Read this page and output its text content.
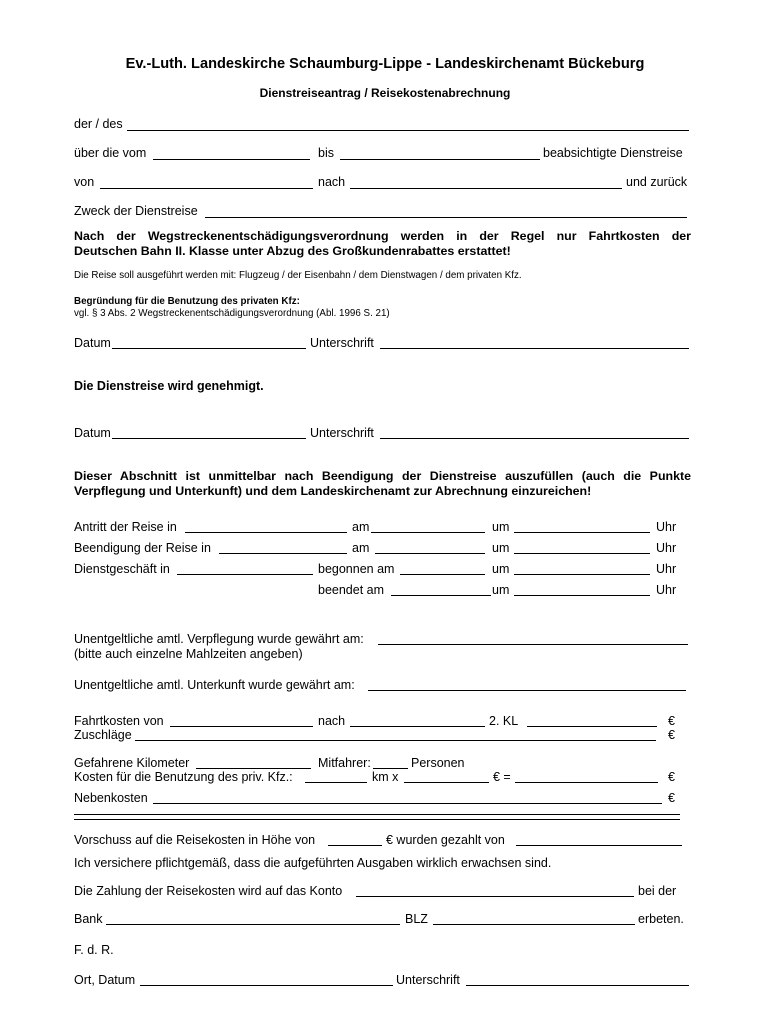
Ev.-Luth. Landeskirche Schaumburg-Lippe - Landeskirchenamt Bückeburg
Dienstreiseantrag / Reisekostenabrechnung
der / des
über die vom	bis	beabsichtigte Dienstreise
von	nach	und zurück
Zweck der Dienstreise
Nach der Wegstreckenentschädigungsverordnung werden in der Regel nur Fahrtkosten der
Deutschen Bahn II. Klasse unter Abzug des Großkundenrabattes erstattet!
Die Reise soll ausgeführt werden mit: Flugzeug / der Eisenbahn / dem Dienstwagen / dem privaten Kfz.
Begründung für die Benutzung des privaten Kfz:
vgl. § 3 Abs. 2 Wegstreckenentschädigungsverordnung (Abl. 1996 S. 21)
Datum	Unterschrift
Die Dienstreise wird genehmigt.
Datum	Unterschrift
Dieser Abschnitt ist unmittelbar nach Beendigung der Dienstreise auszufüllen (auch die Punkte
Verpflegung und Unterkunft) und dem Landeskirchenamt zur Abrechnung einzureichen!
Antritt der Reise in	am	um	Uhr
Beendigung der Reise in	am	um	Uhr
Dienstgeschäft in	begonnen am	um	Uhr
beendet am	um	Uhr
Unentgeltliche amtl. Verpflegung wurde gewährt am:
(bitte auch einzelne Mahlzeiten angeben)
Unentgeltliche amtl. Unterkunft wurde gewährt am:
Fahrtkosten von	nach	2. KL	€
Zuschläge	€
Gefahrene Kilometer	Mitfahrer:	Personen
Kosten für die Benutzung des priv. Kfz.:	km x	€ =	€
Nebenkosten	€
Vorschuss auf die Reisekosten in Höhe von	€ wurden gezahlt von
Ich versichere pflichtgemäß, dass die aufgeführten Ausgaben wirklich erwachsen sind.
Die Zahlung der Reisekosten wird auf das Konto	bei der
Bank	BLZ	erbeten.
F. d. R.
Ort, Datum	Unterschrift
